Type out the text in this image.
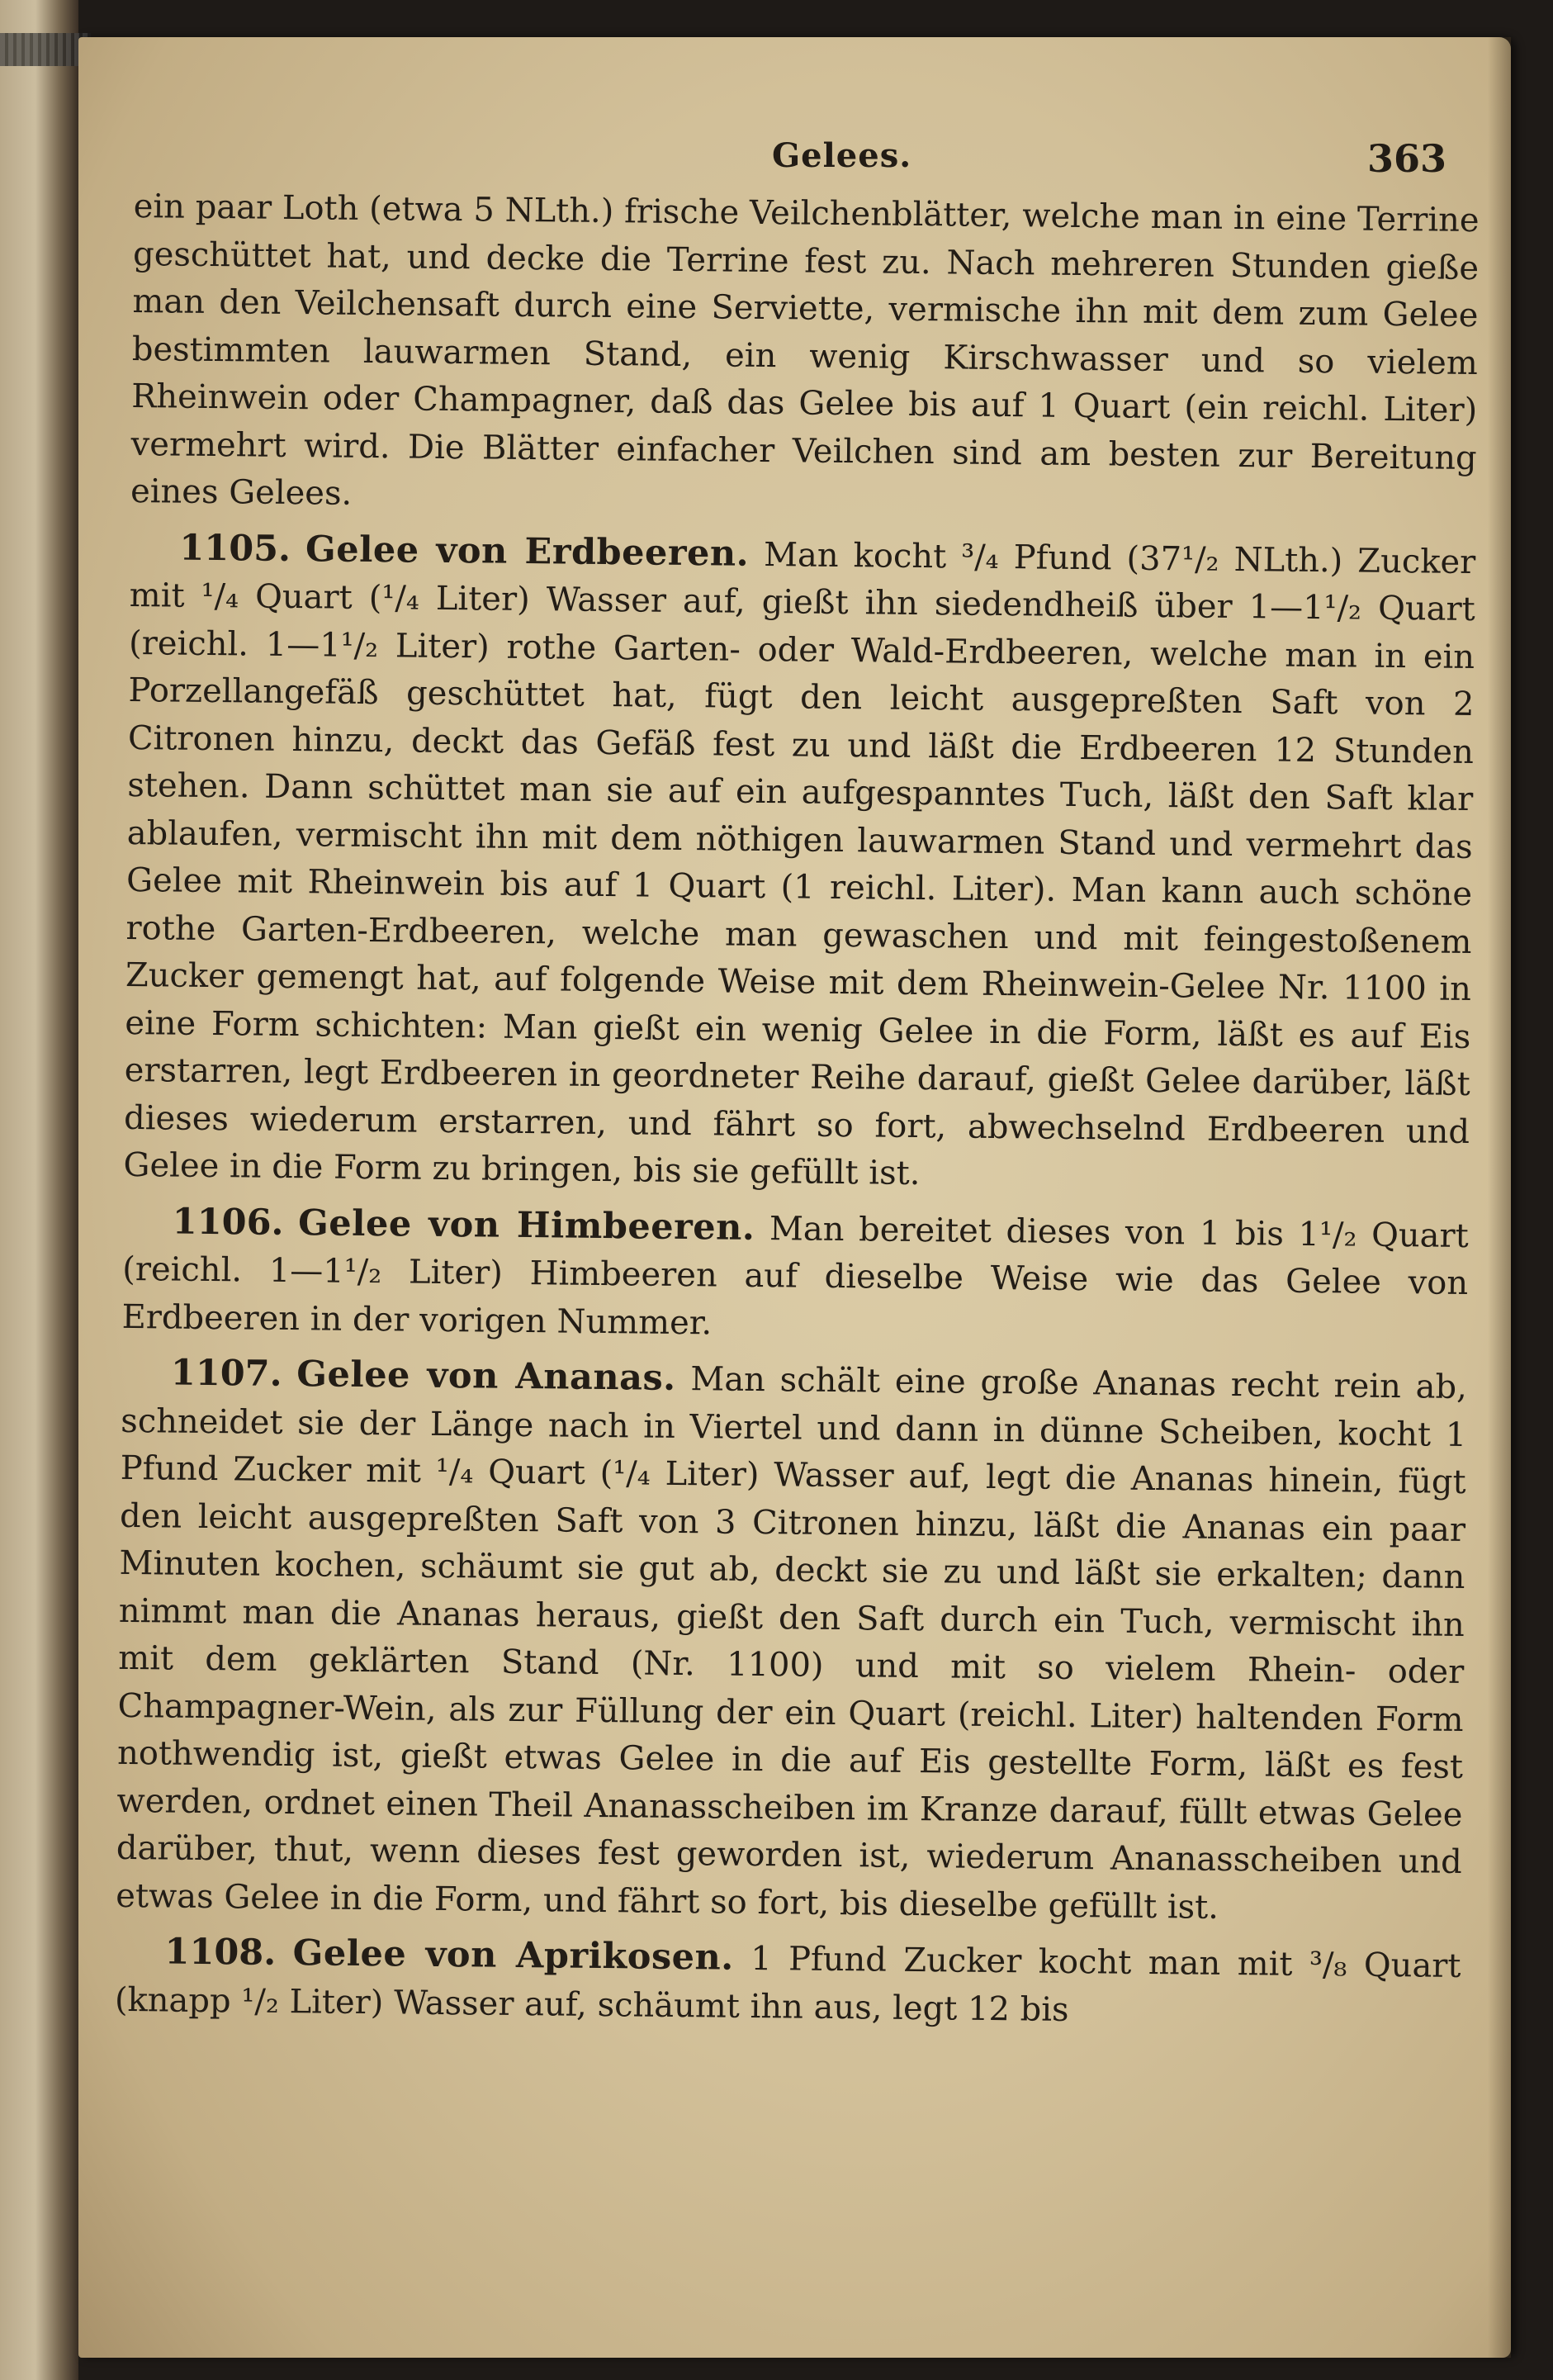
Gelees.	363

ein paar Loth (etwa 5 NLth.) frische Veilchenblätter, welche man in eine Terrine geschüttet hat, und decke die Terrine fest zu. Nach mehreren Stunden gieße man den Veilchensaft durch eine Serviette, vermische ihn mit dem zum Gelee bestimmten lauwarmen Stand, ein wenig Kirschwasser und so vielem Rheinwein oder Champagner, daß das Gelee bis auf 1 Quart (ein reichl. Liter) vermehrt wird. Die Blätter einfacher Veilchen sind am besten zur Bereitung eines Gelees.

1105. Gelee von Erdbeeren. Man kocht ³/₄ Pfund (37¹/₂ NLth.) Zucker mit ¹/₄ Quart (¹/₄ Liter) Wasser auf, gießt ihn siedendheiß über 1—1¹/₂ Quart (reichl. 1—1¹/₂ Liter) rothe Garten- oder Wald-Erdbeeren, welche man in ein Porzellangefäß geschüttet hat, fügt den leicht ausgepreßten Saft von 2 Citronen hinzu, deckt das Gefäß fest zu und läßt die Erdbeeren 12 Stunden stehen. Dann schüttet man sie auf ein aufgespanntes Tuch, läßt den Saft klar ablaufen, vermischt ihn mit dem nöthigen lauwarmen Stand und vermehrt das Gelee mit Rheinwein bis auf 1 Quart (1 reichl. Liter). Man kann auch schöne rothe Garten-Erdbeeren, welche man gewaschen und mit feingestoßenem Zucker gemengt hat, auf folgende Weise mit dem Rheinwein-Gelee Nr. 1100 in eine Form schichten: Man gießt ein wenig Gelee in die Form, läßt es auf Eis erstarren, legt Erdbeeren in geordneter Reihe darauf, gießt Gelee darüber, läßt dieses wiederum erstarren, und fährt so fort, abwechselnd Erdbeeren und Gelee in die Form zu bringen, bis sie gefüllt ist.

1106. Gelee von Himbeeren. Man bereitet dieses von 1 bis 1¹/₂ Quart (reichl. 1—1¹/₂ Liter) Himbeeren auf dieselbe Weise wie das Gelee von Erdbeeren in der vorigen Nummer.

1107. Gelee von Ananas. Man schält eine große Ananas recht rein ab, schneidet sie der Länge nach in Viertel und dann in dünne Scheiben, kocht 1 Pfund Zucker mit ¹/₄ Quart (¹/₄ Liter) Wasser auf, legt die Ananas hinein, fügt den leicht ausgepreßten Saft von 3 Citronen hinzu, läßt die Ananas ein paar Minuten kochen, schäumt sie gut ab, deckt sie zu und läßt sie erkalten; dann nimmt man die Ananas heraus, gießt den Saft durch ein Tuch, vermischt ihn mit dem geklärten Stand (Nr. 1100) und mit so vielem Rhein- oder Champagner-Wein, als zur Füllung der ein Quart (reichl. Liter) haltenden Form nothwendig ist, gießt etwas Gelee in die auf Eis gestellte Form, läßt es fest werden, ordnet einen Theil Ananasscheiben im Kranze darauf, füllt etwas Gelee darüber, thut, wenn dieses fest geworden ist, wiederum Ananasscheiben und etwas Gelee in die Form, und fährt so fort, bis dieselbe gefüllt ist.

1108. Gelee von Aprikosen. 1 Pfund Zucker kocht man mit ³/₈ Quart (knapp ¹/₂ Liter) Wasser auf, schäumt ihn aus, legt 12 bis
